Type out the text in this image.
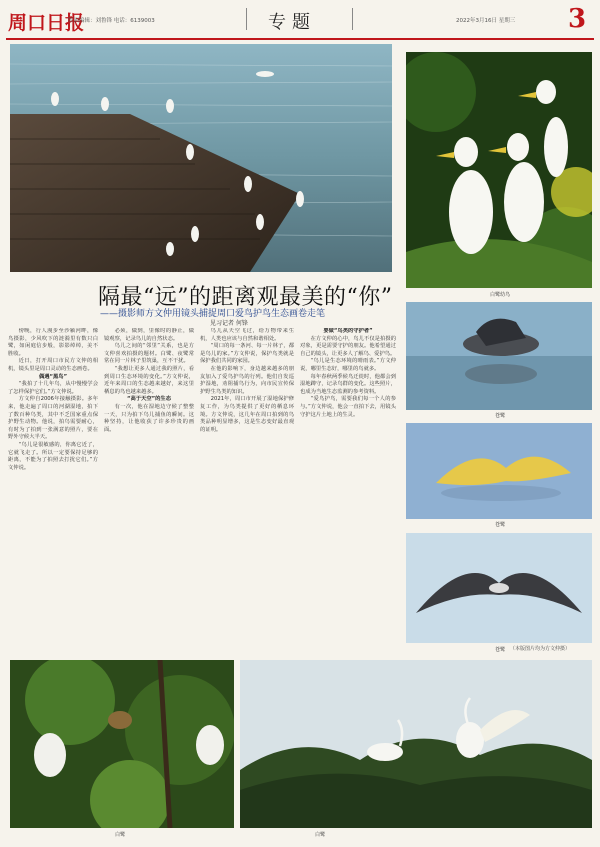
周口日报
版面编辑：刘鲁锋 电话：6139003	专题	2022年3月16日 星期三 3
白鹭幼鸟
苍鹭
苍鹭
苍鹭
隔最“远”的距离观最美的“你”
——摄影师方文仲用镜头捕捉周口爱鸟护鸟生态画卷走笔
见习记者 何锋

傍晚，行人漫步至沙颍河畔，像鸟摄影，少风吹下的涟漪里有数只白鹭，如闲庭信步般，影影绰绰，美不胜收。

近日，打开周口市民方文仲的相机，镜头里是周口灵动的生态画卷。

偶遇“黑鸟”

“我拍了十几年鸟，从中慢慢学会了怎样保护它们。”方文仲说。

方文仲自2006年接触摄影。多年来，他走遍了周口的河湖湿地，拍下了数百种鸟类，其中不乏国家重点保护野生动物。他说，拍鸟需要耐心，有时为了拍到一张满意的照片，要在野外守候大半天。

“鸟儿是很敏感的，你离它近了，它就飞走了。所以一定要保持足够的距离，不能为了拍照去打扰它们。”方文仲说。

必须，做到，里像时的静止，做镜观察，记录鸟儿的自然状态。

鸟儿之间的“邻里”关系，也是方文仲喜欢拍摄的题材。白鹭、夜鹭常常在同一片林子里筑巢，互不干扰。

“我想让更多人通过我的照片，看到周口生态环境的变化。”方文仲说，近年来周口的生态越来越好，来这里栖息的鸟也越来越多。

“高于天空”的生态

有一次，他在湿地边守候了整整一天，只为拍下鸟儿捕鱼的瞬间。这种坚持，让他收获了许多珍贵的画面。

鸟儿从天空飞过，给万物带来生机，人类也应该与自然和谐相处。

“周口的每一条河、每一片林子，都是鸟儿的家。”方文仲说，保护鸟类就是保护我们共同的家园。

在他的影响下，身边越来越多的朋友加入了爱鸟护鸟的行列。他们自发巡护湿地，劝阻捕鸟行为，向市民宣传保护野生鸟类的知识。

2021年，周口市开展了湿地保护修复工作，为鸟类提供了更好的栖息环境。方文仲说，这几年在周口拍到的鸟类品种明显增多，这是生态变好最直观的证明。

要做“鸟类的守护者”

在方文仲的心中，鸟儿不仅是拍摄的对象，更是需要守护的朋友。他希望通过自己的镜头，让更多人了解鸟、爱护鸟。

“鸟儿是生态环境的晴雨表。”方文仲说，哪里生态好，哪里的鸟就多。

每年春秋两季候鸟迁徙时，他都会到湿地蹲守，记录鸟群的变化。这些照片，也成为当地生态监测的参考资料。

“爱鸟护鸟，需要我们每一个人的参与。”方文仲说，他会一直拍下去，用镜头守护这片土地上的生灵。

（本版图片均为方文仲摄）
白鹭	白鹭
